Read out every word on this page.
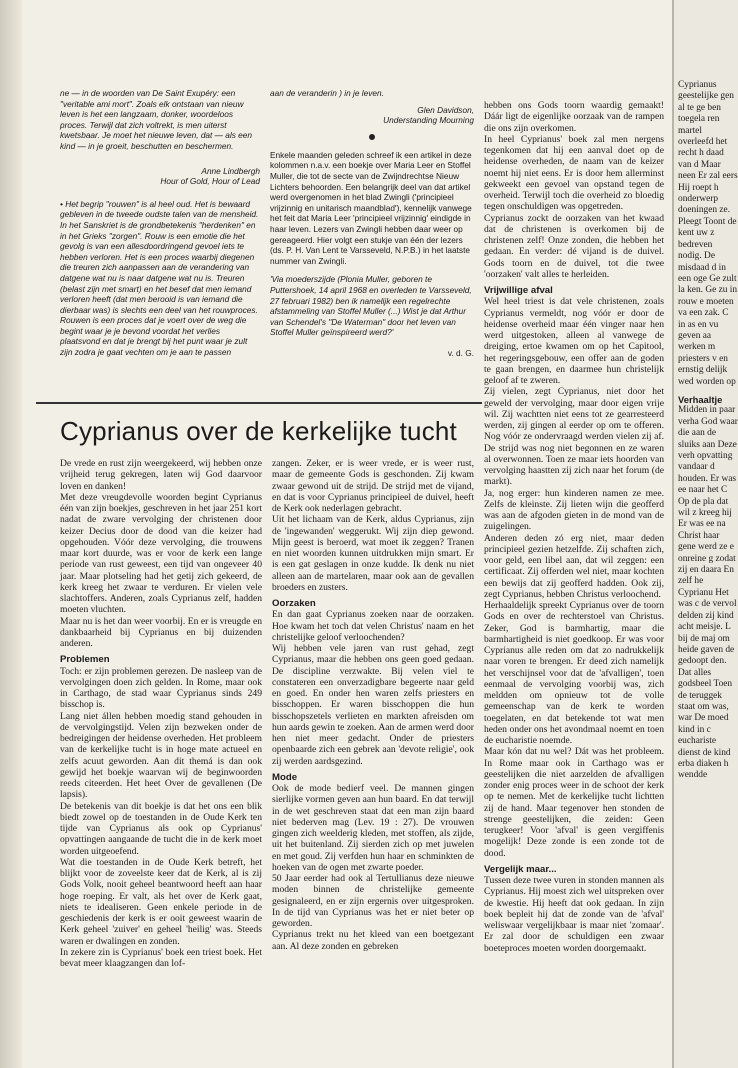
ne — in de woorden van De Saint Exupéry: een "veritable ami mort". Zoals elk ontstaan van nieuw leven is het een langzaam, donker, woordeloos proces. Terwijl dat zich voltrekt, is men uiterst kwetsbaar. Je moet het nieuwe leven, dat — als een kind — in je groeit, beschutten en beschermen.

Anne Lindbergh

Hour of Gold, Hour of Lead

• Het begrip "rouwen" is al heel oud. Het is bewaard gebleven in de tweede oudste talen van de mensheid. In het Sanskriet is de grondbetekenis "herdenken" en in het Grieks "zorgen". Rouw is een emotie die het gevolg is van een allesdoordringend gevoel iets te hebben verloren. Het is een proces waarbij diegenen die treuren zich aanpassen aan de verandering van datgene wat nu is naar datgene wat nu is. Treuren (belast zijn met smart) en het besef dat men iemand verloren heeft (dat men berooid is van iemand die dierbaar was) is slechts een deel van het rouwproces. Rouwen is een proces dat je voert over de weg die begint waar je je bevond voordat het verlies plaatsvond en dat je brengt bij het punt waar je zult zijn zodra je gaat vechten om je aan te passen

aan de veranderin ) in je leven.

Glen Davidson,

Understanding Mourning

Enkele maanden geleden schreef ik een artikel in deze kolommen n.a.v. een boekje over Maria Leer en Stoffel Muller, die tot de secte van de Zwijndrechtse Nieuw Lichters behoorden. Een belangrijk deel van dat artikel werd overgenomen in het blad Zwingli ('principieel vrijzinnig en unitarisch maandblad'), kennelijk vanwege het feit dat Maria Leer 'principieel vrijzinnig' eindigde in haar leven. Lezers van Zwingli hebben daar weer op gereageerd. Hier volgt een stukje van één der lezers (ds. P. H. Van Lent te Varsseveld, N.P.B.) in het laatste nummer van Zwingli.

'Via moederszijde (Plonia Muller, geboren te Puttershoek, 14 april 1968 en overleden te Varsseveld, 27 februari 1982) ben ik namelijk een regelrechte afstammeling van Stoffel Muller (...) Wist je dat Arthur van Schendel's "De Waterman" door het leven van Stoffel Muller geïnspireerd werd?'

v. d. G.

hebben ons Gods toorn waardig gemaakt! Dáár ligt de eigenlijke oorzaak van de rampen die ons zijn overkomen.

In heel Cyprianus' boek zal men nergens tegenkomen dat hij een aanval doet op de heidense overheden, de naam van de keizer noemt hij niet eens. Er is door hem allerminst gekweekt een gevoel van opstand tegen de overheid. Terwijl toch die overheid zo bloedig tegen onschuldigen was opgetreden.

Cyprianus zockt de oorzaken van het kwaad dat de christenen is overkomen bij de christenen zelf! Onze zonden, die hebben het gedaan. En verder: dé vijand is de duivel. Gods toorn en de duivel, tot die twee 'oorzaken' valt alles te herleiden.

Vrijwillige afval

Wel heel triest is dat vele christenen, zoals Cyprianus vermeldt, nog vóór er door de heidense overheid maar één vinger naar hen werd uitgestoken, alleen al vanwege de dreiging, ertoe kwamen om op het Capitool, het regeringsgebouw, een offer aan de goden te gaan brengen, en daarmee hun christelijk geloof af te zweren.

Zij vielen, zegt Cyprianus, niet door het geweld der vervolging, maar door eigen vrije wil. Zij wachtten niet eens tot ze gearresteerd werden, zij gingen al eerder op om te offeren. Nog vóór ze ondervraagd werden vielen zij af. De strijd was nog niet begonnen en ze waren al overwonnen. Toen ze maar iets hoorden van vervolging haastten zij zich naar het forum (de markt).

Ja, nog erger: hun kinderen namen ze mee. Zelfs de kleinste. Zij lieten wijn die geofferd was aan de afgoden gieten in de mond van de zuigelingen.

Anderen deden zó erg niet, maar deden principieel gezien hetzelfde. Zij schaften zich, voor geld, een libel aan, dat wil zeggen: een certificaat. Zij offerden wel niet, maar kochten een bewijs dat zij geofferd hadden. Ook zij, zegt Cyprianus, hebben Christus verloochend.

Herhaaldelijk spreekt Cyprianus over de toorn Gods en over de rechterstoel van Christus. Zeker, God is barmhartig, maar die barmhartigheid is niet goedkoop. Er was voor Cyprianus alle reden om dat zo nadrukkelijk naar voren te brengen. Er deed zich namelijk het verschijnsel voor dat de 'afvalligen', toen eenmaal de vervolging voorbij was, zich meldden om opnieuw tot de volle gemeenschap van de kerk te worden toegelaten, en dat betekende tot wat men heden onder ons het avondmaal noemt en toen de eucharistie noemde.

Maar kón dat nu wel? Dát was het probleem. In Rome maar ook in Carthago was er geestelijken die niet aarzelden de afvalligen zonder enig proces weer in de schoot der kerk op te nemen. Met de kerkelijke tucht lichtten zij de hand. Maar tegenover hen stonden de strenge geestelijken, die zeiden: Geen terugkeer! Voor 'afval' is geen vergiffenis mogelijk! Deze zonde is een zonde tot de dood.

Vergelijk maar...

Tussen deze twee vuren in stonden mannen als Cyprianus. Hij moest zich wel uitspreken over de kwestie. Hij heeft dat ook gedaan. In zijn boek bepleit hij dat de zonde van de 'afval' weliswaar vergelijkbaar is maar niet 'zomaar'. Er zal door de schuldigen een zwaar boeteproces moeten worden doorgemaakt.

Cyprianus over de kerkelijke tucht

De vrede en rust zijn weergekeerd, wij hebben onze vrijheid terug gekregen, laten wij God daarvoor loven en danken!

Met deze vreugdevolle woorden begint Cyprianus één van zijn boekjes, geschreven in het jaar 251 kort nadat de zware vervolging der christenen door keizer Decius door de dood van die keizer had opgehouden. Vóór deze vervolging, die trouwens maar kort duurde, was er voor de kerk een lange periode van rust geweest, een tijd van ongeveer 40 jaar. Maar plotseling had het getij zich gekeerd, de kerk kreeg het zwaar te verduren. Er vielen vele slachtoffers. Anderen, zoals Cyprianus zelf, hadden moeten vluchten.

Maar nu is het dan weer voorbij. En er is vreugde en dankbaarheid bij Cyprianus en bij duizenden anderen.

Problemen

Toch: er zijn problemen gerezen. De nasleep van de vervolgingen doen zich gelden. In Rome, maar ook in Carthago, de stad waar Cyprianus sinds 249 bisschop is.

Lang niet állen hebben moedig stand gehouden in de vervolgingstijd. Velen zijn bezweken onder de bedreigingen der heidense overheden. Het probleem van de kerkelijke tucht is in hoge mate actueel en zelfs acuut geworden. Aan dit themá is dan ook gewijd het boekje waarvan wij de beginwoorden reeds citeerden. Het heet Over de gevallenen (De lapsis).

De betekenis van dit boekje is dat het ons een blik biedt zowel op de toestanden in de Oude Kerk ten tijde van Cyprianus als ook op Cyprianus' opvattingen aangaande de tucht die in de kerk moet worden uitgeoefend.

Wat die toestanden in de Oude Kerk betreft, het blijkt voor de zoveelste keer dat de Kerk, al is zij Gods Volk, nooit geheel beantwoord heeft aan haar hoge roeping. Er valt, als het over de Kerk gaat, niets te idealiseren. Geen enkele periode in de geschiedenis der kerk is er ooit geweest waarin de Kerk geheel 'zuiver' en geheel 'heilig' was. Steeds waren er dwalingen en zonden.

In zekere zin is Cyprianus' boek een triest boek. Het bevat meer klaagzangen dan lof-

zangen. Zeker, er is weer vrede, er is weer rust, maar de gemeente Gods is geschonden. Zij kwam zwaar gewond uit de strijd. De strijd met de vijand, en dat is voor Cyprianus principieel de duivel, heeft de Kerk ook nederlagen gebracht.

Uit het lichaam van de Kerk, aldus Cyprianus, zijn de 'ingewanden' weggerukt. Wij zijn diep gewond. Mijn geest is beroerd, wat moet ik zeggen? Tranen en niet woorden kunnen uitdrukken mijn smart. Er is een gat geslagen in onze kudde. Ik denk nu niet alleen aan de martelaren, maar ook aan de gevallen broeders en zusters.

Oorzaken

En dan gaat Cyprianus zoeken naar de oorzaken. Hoe kwam het toch dat velen Christus' naam en het christelijke geloof verloochenden?

Wij hebben vele jaren van rust gehad, zegt Cyprianus, maar die hebben ons geen goed gedaan. De discipline verzwakte. Bij velen viel te constateren een onverzadigbare begeerte naar geld en goed. En onder hen waren zelfs priesters en bisschoppen. Er waren bisschoppen die hun bisschopszetels verlieten en markten afreisden om hun aards gewin te zoeken. Aan de armen werd door hen niet meer gedacht. Onder de priesters openbaarde zich een gebrek aan 'devote religie', ook zij werden aardsgezind.

Mode

Ook de mode bedierf veel. De mannen gingen sierlijke vormen geven aan hun baard. En dat terwijl in de wet geschreven staat dat een man zijn baard niet bederven mag (Lev. 19 : 27). De vrouwen gingen zich weelderig kleden, met stoffen, als zijde, uit het buitenland. Zij sierden zich op met juwelen en met goud. Zij verfden hun haar en schminkten de hoeken van de ogen met zwarte poeder.

50 Jaar eerder had ook al Tertullianus deze nieuwe moden binnen de christelijke gemeente gesignaleerd, en er zijn ergernis over uitgesproken. In de tijd van Cyprianus was het er niet beter op geworden.

Cyprianus trekt nu het kleed van een boetgezant aan. Al deze zonden en gebreken

Cyprianus geestelijke gen al te ge ben toegela ren martel overleefd het recht h daad van d Maar neen Er zal eers Hij roept h onderwerp doeningen ze. Pleegt Toont de kent uw z bedreven nodig. De misdaad d in een oge Ge zult la ken. Ge zu in rouw e moeten va een zak. C in as en vu geven aa werken m priesters v en ernstig delijk wed worden op

Verhaaltje

Midden in paar verha God waar die aan de sluiks aan Deze verh opvatting vandaar d houden. Er was ee naar het C Op de pla dat wil z kreeg hij Er was ee na Christ haar gene werd ze e onreine g zodat zij en daara En zelf he Cyprianu Het was c de vervol delden zij kind acht meisje. L bij de maj om heide gaven de gedoopt den. Dat alles godsbeel Toen de teruggek staat om was, war De moed kind in c euchariste dienst de kind erba diaken h wendde
